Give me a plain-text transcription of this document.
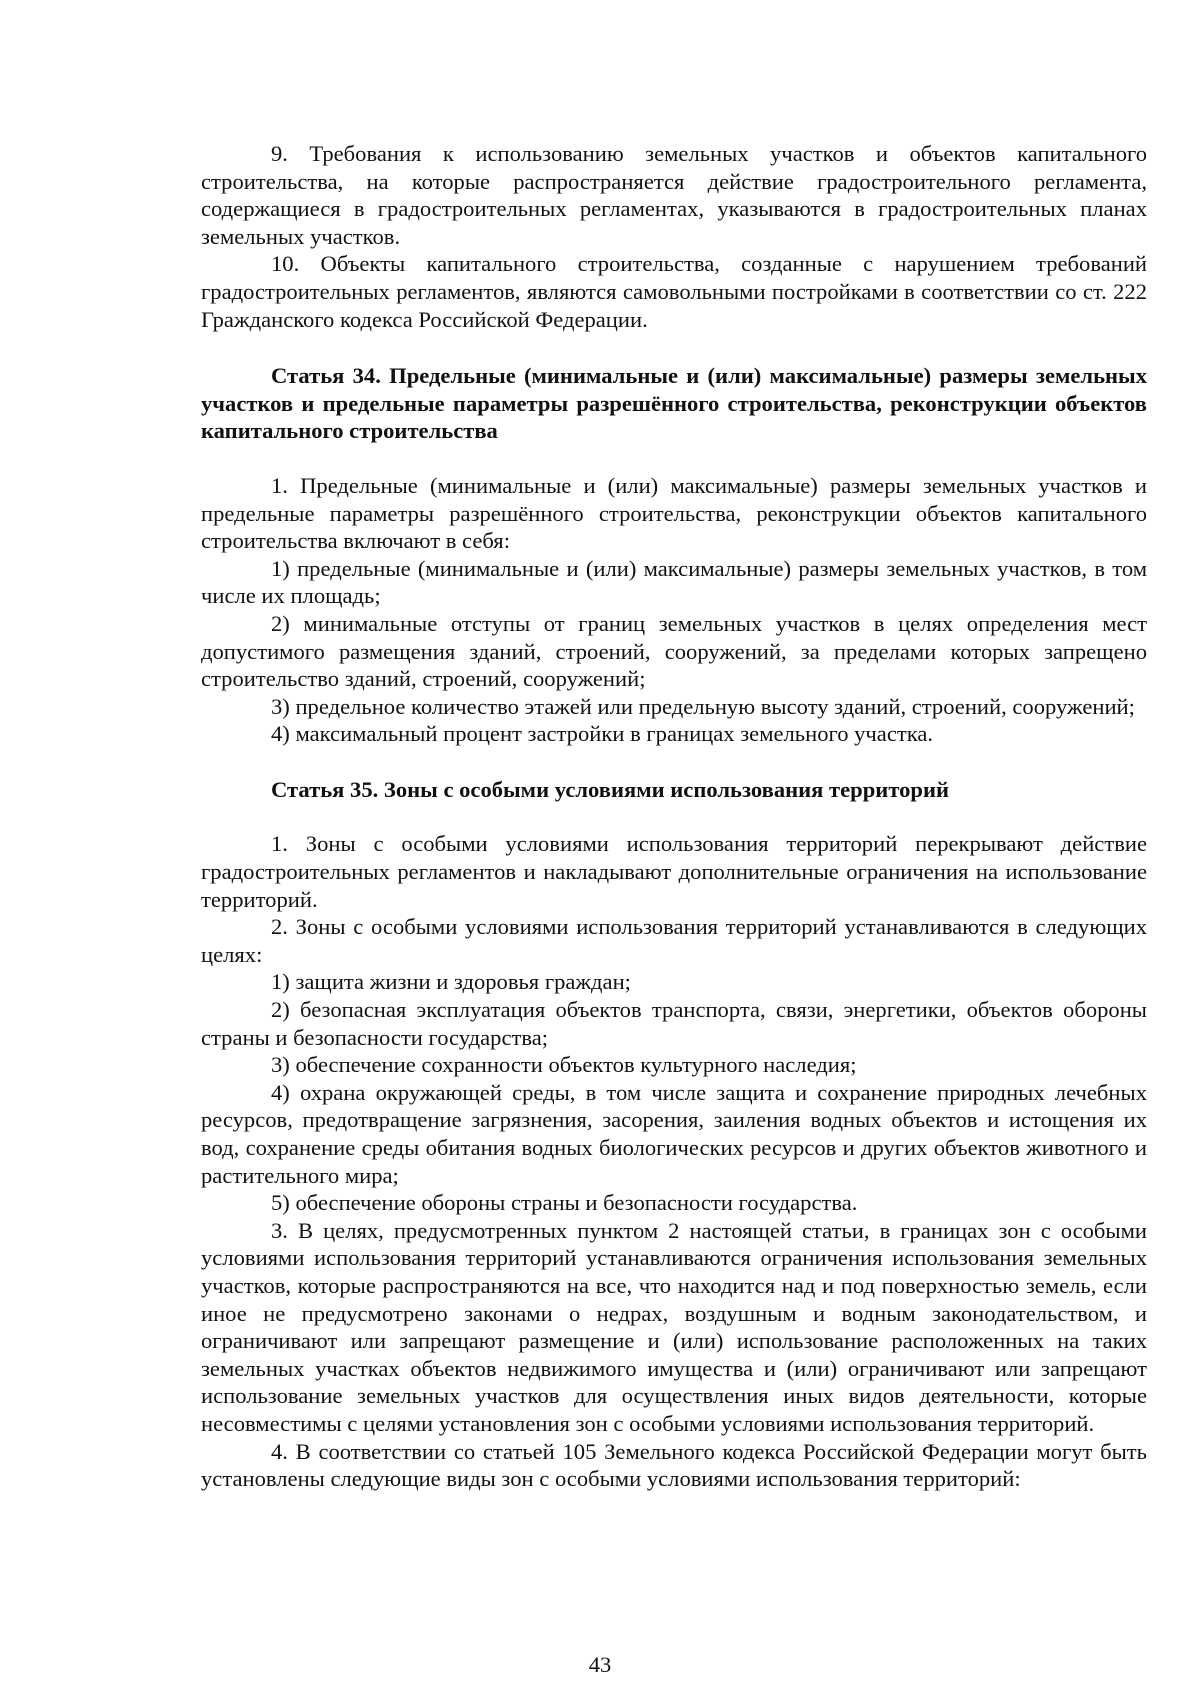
9. Требования к использованию земельных участков и объектов капитального строительства, на которые распространяется действие градостроительного регламента, содержащиеся в градостроительных регламентах, указываются в градостроительных планах земельных участков.

10. Объекты капитального строительства, созданные с нарушением требований градостроительных регламентов, являются самовольными постройками в соответствии со ст. 222 Гражданского кодекса Российской Федерации.

Статья 34. Предельные (минимальные и (или) максимальные) размеры земельных участков и предельные параметры разрешённого строительства, реконструкции объектов капитального строительства

1. Предельные (минимальные и (или) максимальные) размеры земельных участков и предельные параметры разрешённого строительства, реконструкции объектов капитального строительства включают в себя:

1) предельные (минимальные и (или) максимальные) размеры земельных участков, в том числе их площадь;

2) минимальные отступы от границ земельных участков в целях определения мест допустимого размещения зданий, строений, сооружений, за пределами которых запрещено строительство зданий, строений, сооружений;

3) предельное количество этажей или предельную высоту зданий, строений, сооружений;

4) максимальный процент застройки в границах земельного участка.

Статья 35. Зоны с особыми условиями использования территорий

1. Зоны с особыми условиями использования территорий перекрывают действие градостроительных регламентов и накладывают дополнительные ограничения на использование территорий.

2. Зоны с особыми условиями использования территорий устанавливаются в следующих целях:

1) защита жизни и здоровья граждан;

2) безопасная эксплуатация объектов транспорта, связи, энергетики, объектов обороны страны и безопасности государства;

3) обеспечение сохранности объектов культурного наследия;

4) охрана окружающей среды, в том числе защита и сохранение природных лечебных ресурсов, предотвращение загрязнения, засорения, заиления водных объектов и истощения их вод, сохранение среды обитания водных биологических ресурсов и других объектов животного и растительного мира;

5) обеспечение обороны страны и безопасности государства.

3. В целях, предусмотренных пунктом 2 настоящей статьи, в границах зон с особыми условиями использования территорий устанавливаются ограничения использования земельных участков, которые распространяются на все, что находится над и под поверхностью земель, если иное не предусмотрено законами о недрах, воздушным и водным законодательством, и ограничивают или запрещают размещение и (или) использование расположенных на таких земельных участках объектов недвижимого имущества и (или) ограничивают или запрещают использование земельных участков для осуществления иных видов деятельности, которые несовместимы с целями установления зон с особыми условиями использования территорий.

4. В соответствии со статьей 105 Земельного кодекса Российской Федерации могут быть установлены следующие виды зон с особыми условиями использования территорий:

43
